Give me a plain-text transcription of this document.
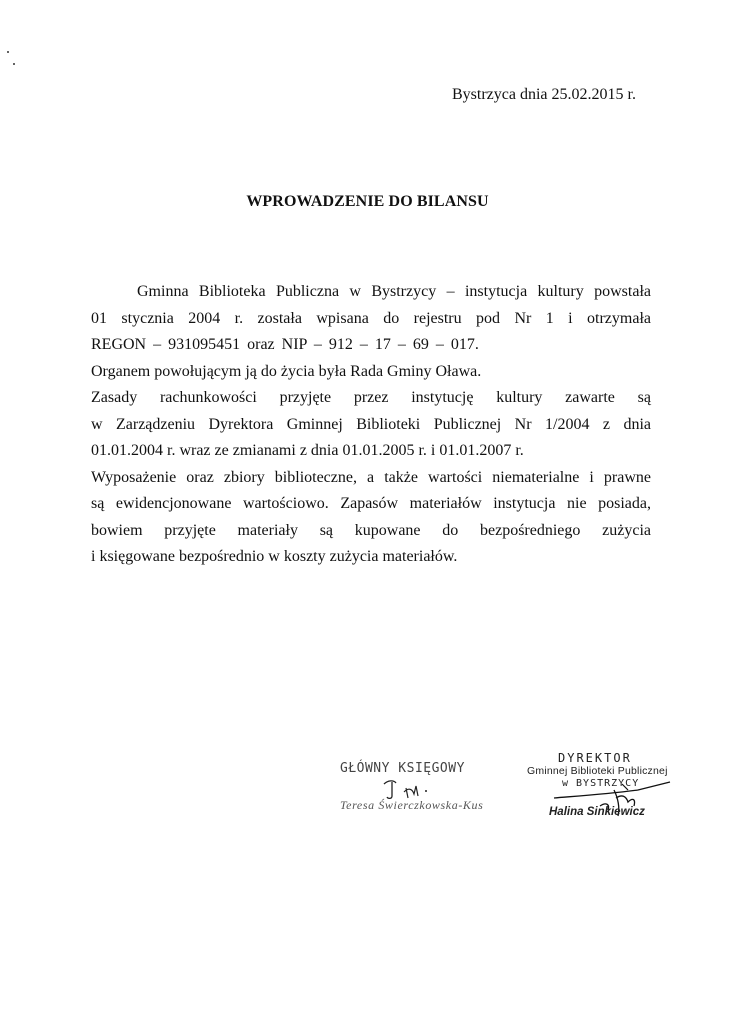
Bystrzyca dnia 25.02.2015 r.
WPROWADZENIE DO BILANSU

Gminna Biblioteka Publiczna w Bystrzycy – instytucja kultury powstała

01 stycznia 2004 r. została wpisana do rejestru pod Nr 1 i otrzymała

REGON – 931095451 oraz NIP – 912 – 17 – 69 – 017.

Organem powołującym ją do życia była Rada Gminy Oława.

Zasady rachunkowości przyjęte przez instytucję kultury zawarte są

w Zarządzeniu Dyrektora Gminnej Biblioteki Publicznej Nr 1/2004 z dnia

01.01.2004 r. wraz ze zmianami z dnia 01.01.2005 r. i 01.01.2007 r.

Wyposażenie oraz zbiory biblioteczne, a także wartości niematerialne i prawne

są ewidencjonowane wartościowo. Zapasów materiałów instytucja nie posiada,

bowiem przyjęte materiały są kupowane do bezpośredniego zużycia

i księgowane bezpośrednio w koszty zużycia materiałów.

GŁÓWNY KSIĘGOWY
Teresa Świerczkowska-Kus
DYREKTOR
Gminnej Biblioteki Publicznej
w BYSTRZYCY
Halina Sinkiewicz
